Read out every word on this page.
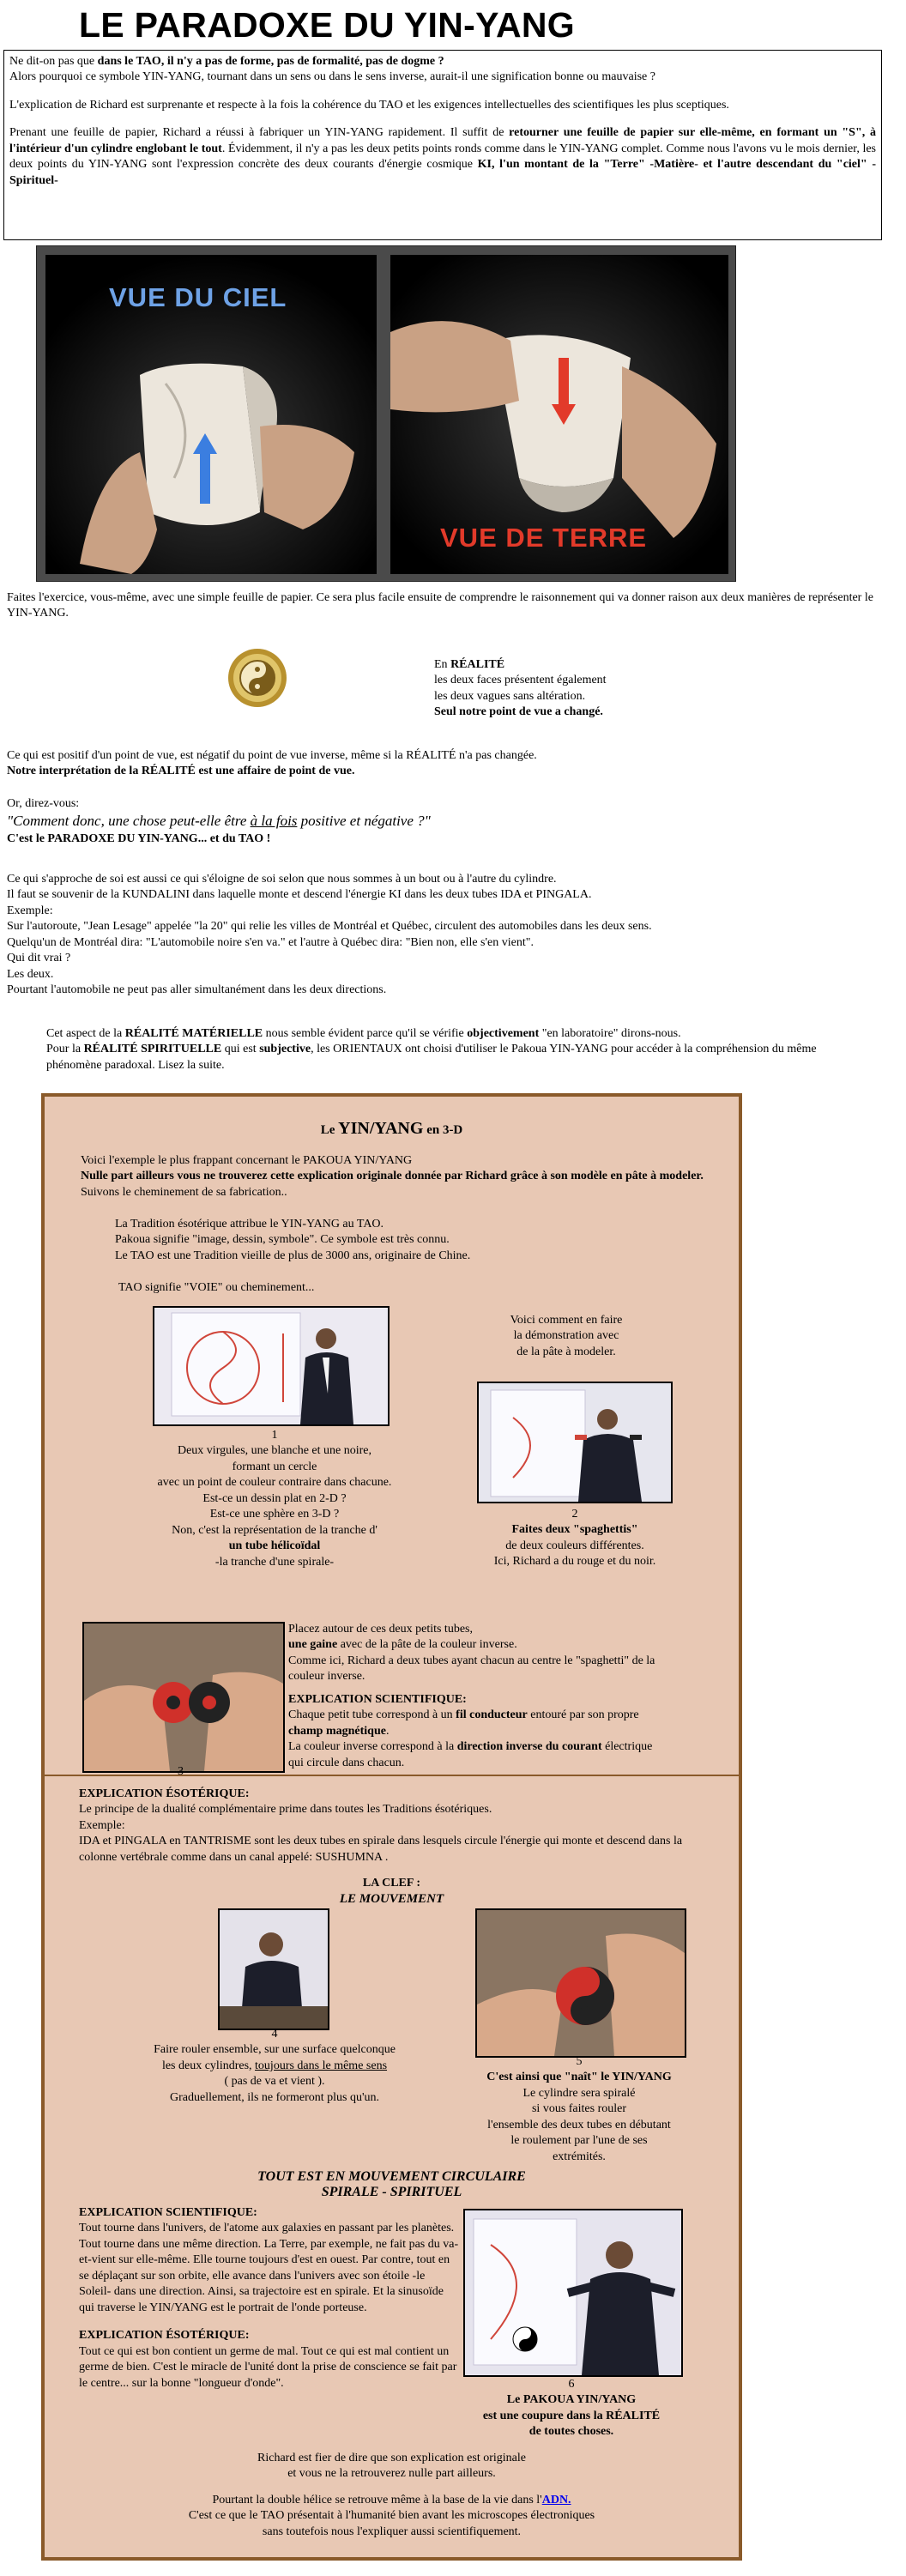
LE PARADOXE DU YIN-YANG

Ne dit-on pas que dans le TAO, il n'y a pas de forme, pas de formalité, pas de dogme ?
Alors pourquoi ce symbole YIN-YANG, tournant dans un sens ou dans le sens inverse, aurait-il une signification bonne ou mauvaise ?

L'explication de Richard est surprenante et respecte à la fois la cohérence du TAO et les exigences intellectuelles des scientifiques les plus sceptiques.

Prenant une feuille de papier, Richard a réussi à fabriquer un YIN-YANG rapidement. Il suffit de retourner une feuille de papier sur elle-même, en formant un "S", à l'intérieur d'un cylindre englobant le tout. Évidemment, il n'y a pas les deux petits points ronds comme dans le YIN-YANG complet. Comme nous l'avons vu le mois dernier, les deux points du YIN-YANG sont l'expression concrète des deux courants d'énergie cosmique KI, l'un montant de la "Terre" -Matière- et l'autre descendant du "ciel" -Spirituel-

VUE DU CIEL
VUE DE TERRE
Faites l'exercice, vous-même, avec une simple feuille de papier. Ce sera plus facile ensuite de comprendre le raisonnement qui va donner raison aux deux manières de représenter le YIN-YANG.
En RÉALITÉ
les deux faces présentent également
les deux vagues sans altération.
Seul notre point de vue a changé.
Ce qui est positif d'un point de vue, est négatif du point de vue inverse, même si la RÉALITÉ n'a pas changée.
Notre interprétation de la RÉALITÉ est une affaire de point de vue.
Or, direz-vous:
"Comment donc, une chose peut-elle être à la fois positive et négative ?"
C'est le PARADOXE DU YIN-YANG... et du TAO !
Ce qui s'approche de soi est aussi ce qui s'éloigne de soi selon que nous sommes à un bout ou à l'autre du cylindre.
Il faut se souvenir de la KUNDALINI dans laquelle monte et descend l'énergie KI dans les deux tubes IDA et PINGALA.
Exemple:
Sur l'autoroute, "Jean Lesage" appelée "la 20" qui relie les villes de Montréal et Québec, circulent des automobiles dans les deux sens.
Quelqu'un de Montréal dira: "L'automobile noire s'en va." et l'autre à Québec dira: "Bien non, elle s'en vient".
Qui dit vrai ?
Les deux.
Pourtant l'automobile ne peut pas aller simultanément dans les deux directions.
Cet aspect de la RÉALITÉ MATÉRIELLE nous semble évident parce qu'il se vérifie objectivement "en laboratoire" dirons-nous.
Pour la RÉALITÉ SPIRITUELLE qui est subjective, les ORIENTAUX ont choisi d'utiliser le Pakoua YIN-YANG pour accéder à la compréhension du même phénomène paradoxal. Lisez la suite.
Le YIN/YANG en 3-D
Voici l'exemple le plus frappant concernant le PAKOUA YIN/YANG
Nulle part ailleurs vous ne trouverez cette explication originale donnée par Richard grâce à son modèle en pâte à modeler. Suivons le cheminement de sa fabrication..
La Tradition ésotérique attribue le YIN-YANG au TAO.
Pakoua signifie "image, dessin, symbole". Ce symbole est très connu.
Le TAO est une Tradition vieille de plus de 3000 ans, originaire de Chine.
TAO signifie "VOIE" ou cheminement...
Voici comment en faire
la démonstration avec
de la pâte à modeler.
1
Deux virgules, une blanche et une noire,
formant un cercle
avec un point de couleur contraire dans chacune.
Est-ce un dessin plat en 2-D ?
Est-ce une sphère en 3-D ?
Non, c'est la représentation de la tranche d'
un tube hélicoïdal
-la tranche d'une spirale-
2
Faites deux "spaghettis"
de deux couleurs différentes.
Ici, Richard a du rouge et du noir.
3
Placez autour de ces deux petits tubes,
une gaine avec de la pâte de la couleur inverse.
Comme ici, Richard a deux tubes ayant chacun au centre le "spaghetti" de la couleur inverse.
EXPLICATION SCIENTIFIQUE:
Chaque petit tube correspond à un fil conducteur entouré par son propre champ magnétique.
La couleur inverse correspond à la direction inverse du courant électrique qui circule dans chacun.
EXPLICATION ÉSOTÉRIQUE:
Le principe de la dualité complémentaire prime dans toutes les Traditions ésotériques.
Exemple:
IDA et PINGALA en TANTRISME sont les deux tubes en spirale dans lesquels circule l'énergie qui monte et descend dans la colonne vertébrale comme dans un canal appelé: SUSHUMNA .
LA CLEF :
LE MOUVEMENT
4
Faire rouler ensemble, sur une surface quelconque
les deux cylindres, toujours dans le même sens
( pas de va et vient ).
Graduellement, ils ne formeront plus qu'un.
5
C'est ainsi que "naît" le YIN/YANG
Le cylindre sera spiralé
si vous faites rouler
l'ensemble des deux tubes en débutant
le roulement par l'une de ses
extrémités.
TOUT EST EN MOUVEMENT CIRCULAIRE
SPIRALE - SPIRITUEL
EXPLICATION SCIENTIFIQUE:
Tout tourne dans l'univers, de l'atome aux galaxies en passant par les planètes. Tout tourne dans une même direction. La Terre, par exemple, ne fait pas du va-et-vient sur elle-même. Elle tourne toujours d'est en ouest. Par contre, tout en se déplaçant sur son orbite, elle avance dans l'univers avec son étoile -le Soleil- dans une direction. Ainsi, sa trajectoire est en spirale. Et la sinusoïde qui traverse le YIN/YANG est le portrait de l'onde porteuse.
EXPLICATION ÉSOTÉRIQUE:
Tout ce qui est bon contient un germe de mal. Tout ce qui est mal contient un germe de bien. C'est le miracle de l'unité dont la prise de conscience se fait par le centre... sur la bonne "longueur d'onde".	6
Le PAKOUA YIN/YANG
est une coupure dans la RÉALITÉ
de toutes choses.
Richard est fier de dire que son explication est originale
et vous ne la retrouverez nulle part ailleurs.
Pourtant la double hélice se retrouve même à la base de la vie dans l'ADN.
C'est ce que le TAO présentait à l'humanité bien avant les microscopes électroniques
sans toutefois nous l'expliquer aussi scientifiquement.
